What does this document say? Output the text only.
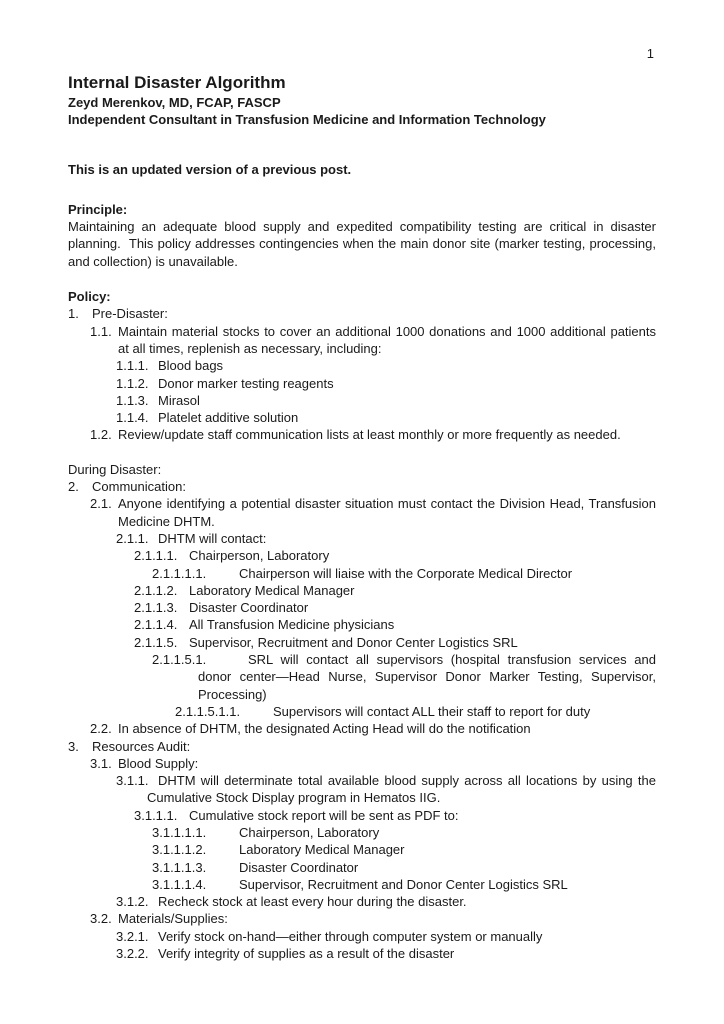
1
Internal Disaster Algorithm
Zeyd Merenkov, MD, FCAP, FASCP
Independent Consultant in Transfusion Medicine and Information Technology
This is an updated version of a previous post.
Principle:
Maintaining an adequate blood supply and expedited compatibility testing are critical in disaster planning.  This policy addresses contingencies when the main donor site (marker testing, processing, and collection) is unavailable.
Policy:
1. Pre-Disaster:
1.1. Maintain material stocks to cover an additional 1000 donations and 1000 additional patients at all times, replenish as necessary, including:
1.1.1. Blood bags
1.1.2. Donor marker testing reagents
1.1.3. Mirasol
1.1.4. Platelet additive solution
1.2. Review/update staff communication lists at least monthly or more frequently as needed.
During Disaster:
2. Communication:
2.1. Anyone identifying a potential disaster situation must contact the Division Head, Transfusion Medicine DHTM.
2.1.1. DHTM will contact:
2.1.1.1. Chairperson, Laboratory
2.1.1.1.1.	Chairperson will liaise with the Corporate Medical Director
2.1.1.2. Laboratory Medical Manager
2.1.1.3. Disaster Coordinator
2.1.1.4. All Transfusion Medicine physicians
2.1.1.5. Supervisor, Recruitment and Donor Center Logistics SRL
2.1.1.5.1.	SRL will contact all supervisors (hospital transfusion services and donor center—Head Nurse, Supervisor Donor Marker Testing, Supervisor, Processing)
2.1.1.5.1.1.	Supervisors will contact ALL their staff to report for duty
2.2. In absence of DHTM, the designated Acting Head will do the notification
3. Resources Audit:
3.1. Blood Supply:
3.1.1. DHTM will determinate total available blood supply across all locations by using the Cumulative Stock Display program in Hematos IIG.
3.1.1.1. Cumulative stock report will be sent as PDF to:
3.1.1.1.1.	Chairperson, Laboratory
3.1.1.1.2.	Laboratory Medical Manager
3.1.1.1.3.	Disaster Coordinator
3.1.1.1.4.	Supervisor, Recruitment and Donor Center Logistics SRL
3.1.2. Recheck stock at least every hour during the disaster.
3.2. Materials/Supplies:
3.2.1. Verify stock on-hand—either through computer system or manually
3.2.2. Verify integrity of supplies as a result of the disaster
